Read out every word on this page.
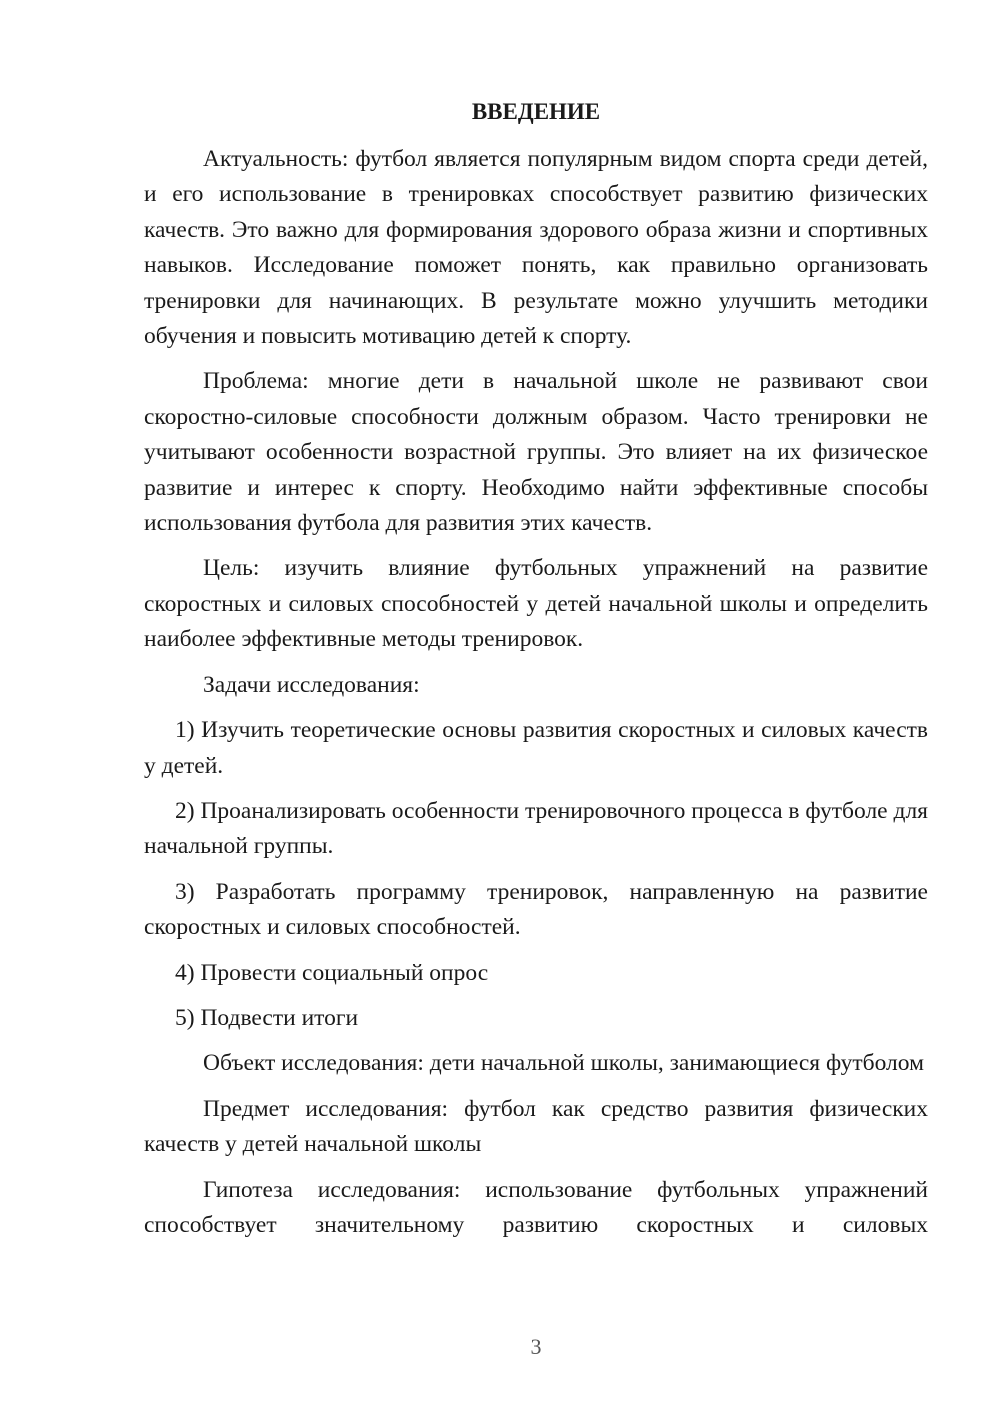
ВВЕДЕНИЕ

Актуальность: футбол является популярным видом спорта среди детей, и его использование в тренировках способствует развитию физических качеств. Это важно для формирования здорового образа жизни и спортивных навыков. Исследование поможет понять, как правильно организовать тренировки для начинающих. В результате можно улучшить методики обучения и повысить мотивацию детей к спорту.

Проблема: многие дети в начальной школе не развивают свои скоростно-силовые способности должным образом. Часто тренировки не учитывают особенности возрастной группы. Это влияет на их физическое развитие и интерес к спорту. Необходимо найти эффективные способы использования футбола для развития этих качеств.

Цель: изучить влияние футбольных упражнений на развитие скоростных и силовых способностей у детей начальной школы и определить наиболее эффективные методы тренировок.

Задачи исследования:

1) Изучить теоретические основы развития скоростных и силовых качеств у детей.

2) Проанализировать особенности тренировочного процесса в футболе для начальной группы.

3) Разработать программу тренировок, направленную на развитие скоростных и силовых способностей.

4) Провести социальный опрос

5) Подвести итоги

Объект исследования: дети начальной школы, занимающиеся футболом

Предмет исследования: футбол как средство развития физических качеств у детей начальной школы

Гипотеза исследования: использование футбольных упражнений способствует значительному развитию скоростных и силовых

3
